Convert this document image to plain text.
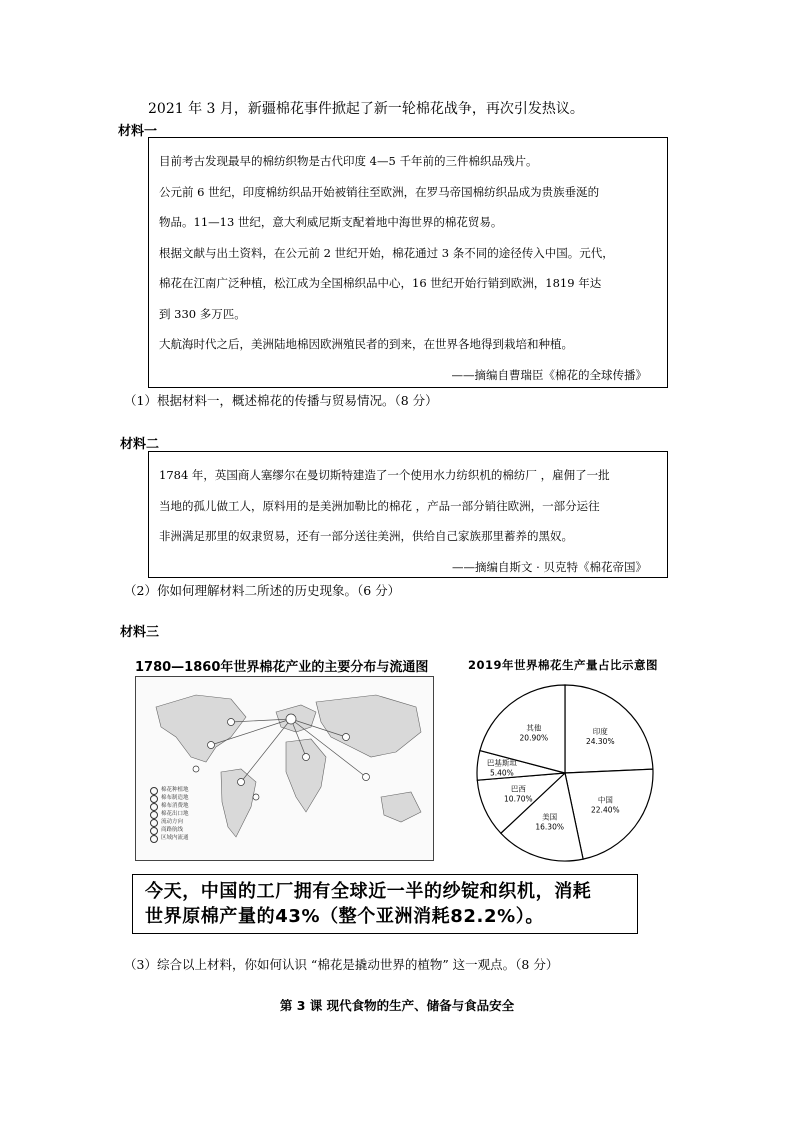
2021 年 3 月，新疆棉花事件掀起了新一轮棉花战争，再次引发热议。
材料一

目前考古发现最早的棉纺织物是古代印度 4—5 千年前的三件棉织品残片。

公元前 6 世纪，印度棉纺织品开始被销往至欧洲，在罗马帝国棉纺织品成为贵族垂涎的

物品。11—13 世纪，意大利威尼斯支配着地中海世界的棉花贸易。

根据文献与出土资料，在公元前 2 世纪开始，棉花通过 3 条不同的途径传入中国。元代，

棉花在江南广泛种植，松江成为全国棉织品中心，16 世纪开始行销到欧洲，1819 年达

到 330 多万匹。

大航海时代之后，美洲陆地棉因欧洲殖民者的到来，在世界各地得到栽培和种植。

——摘编自曹瑞臣《棉花的全球传播》

（1）根据材料一，概述棉花的传播与贸易情况。（8 分）
材料二

1784 年，英国商人塞缪尔在曼切斯特建造了一个使用水力纺织机的棉纺厂 ，雇佣了一批

当地的孤儿做工人，原料用的是美洲加勒比的棉花 ，产品一部分销往欧洲，一部分运往

非洲满足那里的奴隶贸易，还有一部分送往美洲，供给自己家族那里蓄养的黑奴。

——摘编自斯文 · 贝克特《棉花帝国》

（2）你如何理解材料二所述的历史现象。（6 分）
材料三
1780—1860年世界棉花产业的主要分布与流通图
棉花种植地
棉布制造地
棉布消费地
棉花出口地
流动方向
商路航线
区域内流通
2019年世界棉花生产量占比示意图
印度
24.30%
中国
22.40%
美国
16.30%
巴西
10.70%
巴基斯坦
5.40%
其他
20.90%
今天，中国的工厂拥有全球近一半的纱锭和织机，消耗
世界原棉产量的43%（整个亚洲消耗82.2%）。
（3）综合以上材料，你如何认识 “棉花是撬动世界的植物” 这一观点。（8 分）
第 3 课 现代食物的生产、储备与食品安全
